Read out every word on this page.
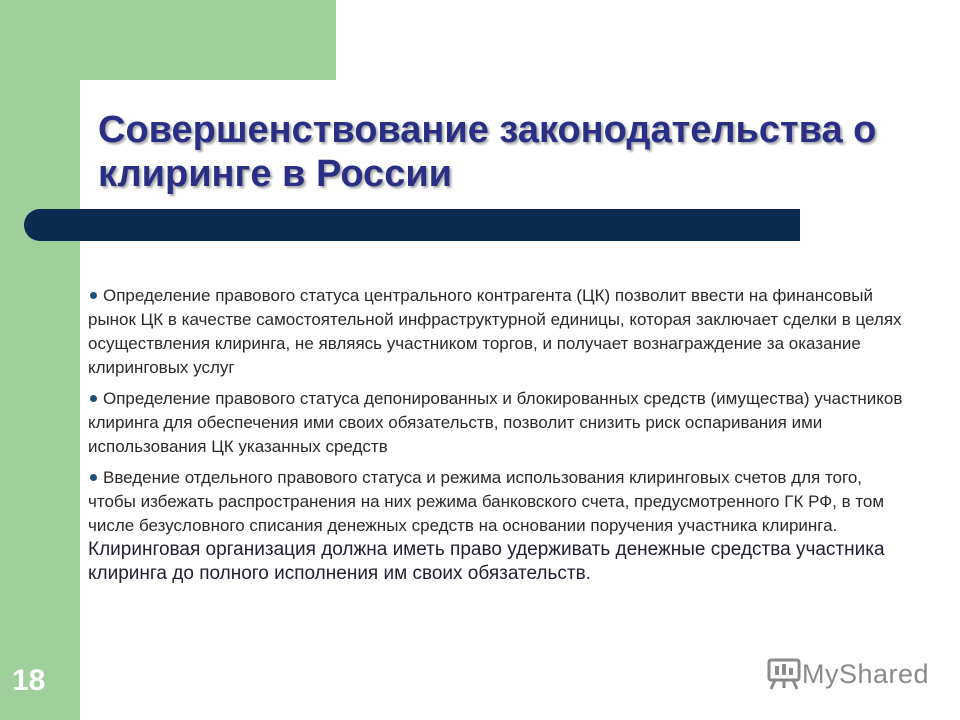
Совершенствование законодательства о клиринге в России

Определение правового статуса центрального контрагента (ЦК) позволит ввести на финансовый рынок ЦК в качестве самостоятельной инфраструктурной единицы, которая заключает сделки в целях осуществления клиринга, не являясь участником торгов, и получает вознаграждение за оказание клиринговых услуг

Определение правового статуса депонированных и блокированных средств (имущества) участников клиринга для обеспечения ими своих обязательств, позволит снизить риск оспаривания ими использования ЦК указанных средств

Введение отдельного правового статуса и режима использования клиринговых счетов для того, чтобы избежать распространения на них режима банковского счета, предусмотренного ГК РФ, в том числе безусловного списания денежных средств на основании поручения участника клиринга. Клиринговая организация должна иметь право удерживать денежные средства участника клиринга до полного исполнения им своих обязательств.

18	MyShared
